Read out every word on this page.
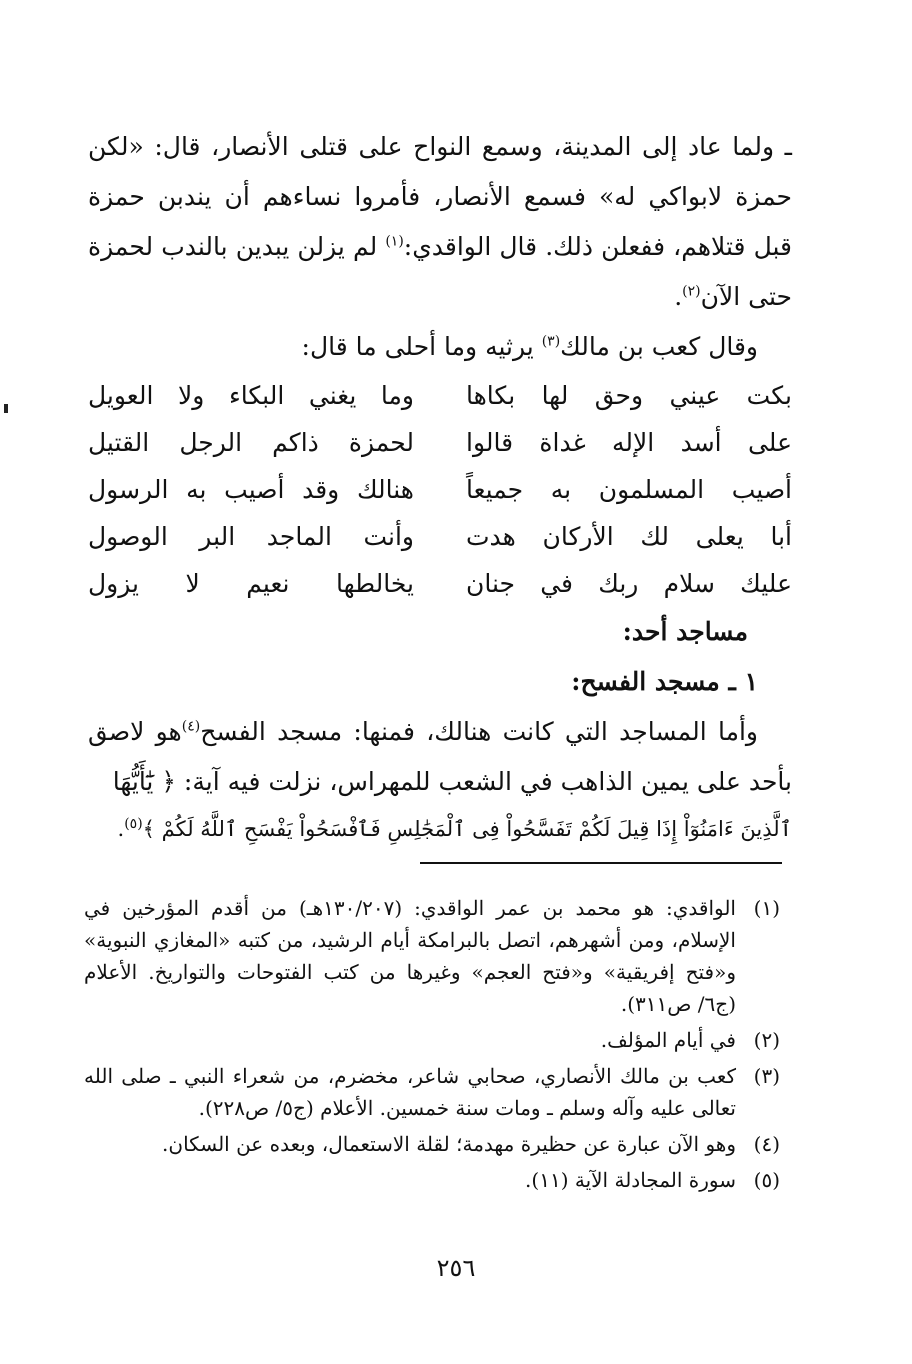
ـ ولما عاد إلى المدينة، وسمع النواح على قتلى الأنصار، قال: «لكن حمزة لابواكي له» فسمع الأنصار، فأمروا نساءهم أن يندبن حمزة قبل قتلاهم، ففعلن ذلك. قال الواقدي:$^{(١)}$ لم يزلن يبدين بالندب لحمزة حتى الآن$^{(٢)}$.

وقال كعب بن مالك$^{(٣)}$ يرثيه وما أحلى ما قال:

بكت عيني وحق لها بكاها
وما يغني البكاء ولا العويل
على أسد الإله غداة قالوا
لحمزة ذاكم الرجل القتيل
أصيب المسلمون به جميعاً
هنالك وقد أصيب به الرسول
أبا يعلى لك الأركان هدت
وأنت الماجد البر الوصول
عليك سلام ربك في جنان
يخالطها نعيم لا يزول

مساجد أحد:

١ ـ مسجد الفسح:

وأما المساجد التي كانت هنالك، فمنها: مسجد الفسح$^{(٤)}$هو لاصق بأحد على يمين الذاهب في الشعب للمهراس، نزلت فيه آية: ﴿ يَٰٓأَيُّهَا

ٱلَّذِينَ ءَامَنُوٓاْ إِذَا قِيلَ لَكُمْ تَفَسَّحُواْ فِى ٱلْمَجَٰلِسِ فَٱفْسَحُواْ يَفْسَحِ ٱللَّهُ لَكُمْ ﴾$^{(٥)}$.

(١)
الواقدي: هو محمد بن عمر الواقدي: (١٣٠/٢٠٧هـ) من أقدم المؤرخين في الإسلام، ومن أشهرهم، اتصل بالبرامكة أيام الرشيد، من كتبه «المغازي النبوية» و«فتح إفريقية» و«فتح العجم» وغيرها من كتب الفتوحات والتواريخ. الأعلام (ج٦/ ص٣١١).
(٢)
في أيام المؤلف.
(٣)
كعب بن مالك الأنصاري، صحابي شاعر، مخضرم، من شعراء النبي ـ صلى الله تعالى عليه وآله وسلم ـ ومات سنة خمسين. الأعلام (ج٥/ ص٢٢٨).
(٤)
وهو الآن عبارة عن حظيرة مهدمة؛ لقلة الاستعمال، وبعده عن السكان.
(٥)
سورة المجادلة الآية (١١).
٢٥٦
